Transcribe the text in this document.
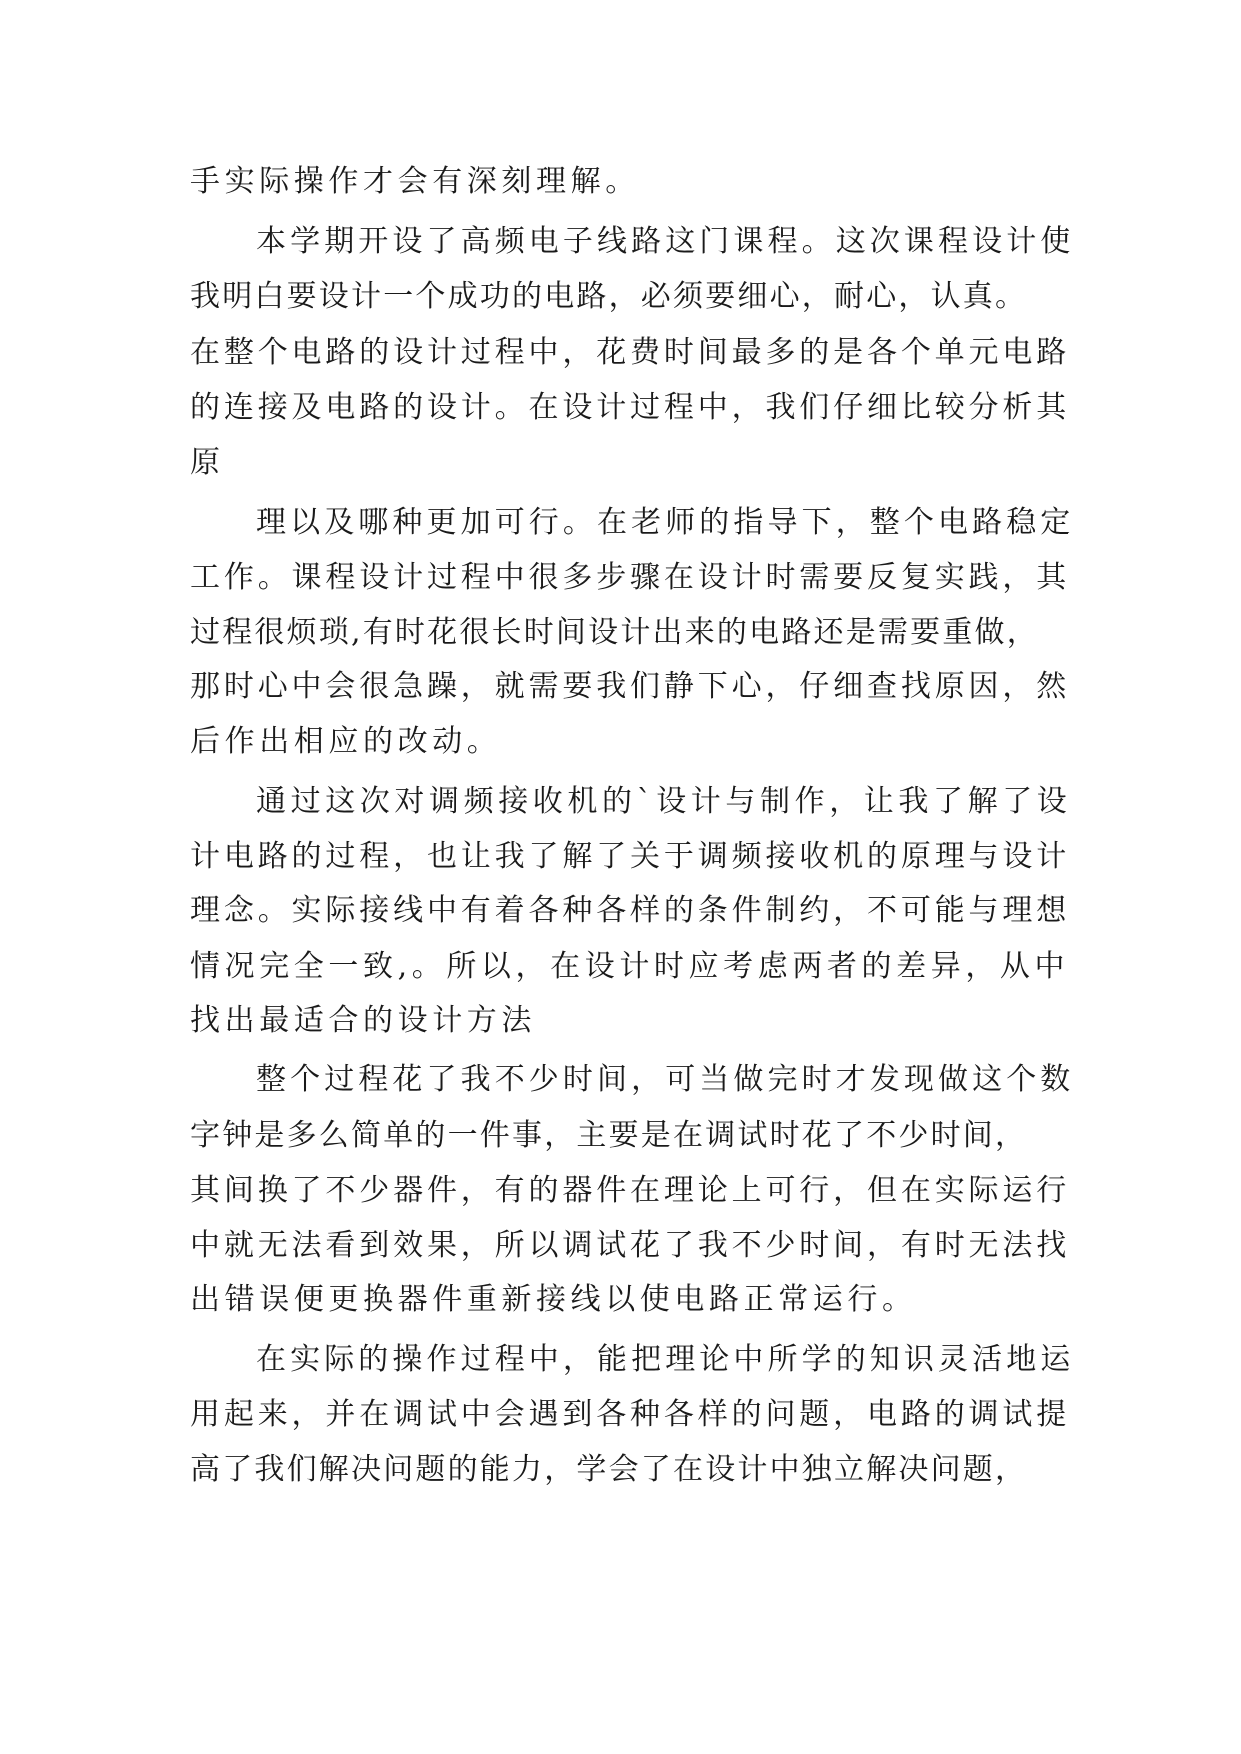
手实际操作才会有深刻理解。
本学期开设了高频电子线路这门课程。这次课程设计使
我明白要设计一个成功的电路，必须要细心，耐心，认真。
在整个电路的设计过程中，花费时间最多的是各个单元电路
的连接及电路的设计。在设计过程中，我们仔细比较分析其
原
理以及哪种更加可行。在老师的指导下，整个电路稳定
工作。课程设计过程中很多步骤在设计时需要反复实践，其
过程很烦琐,有时花很长时间设计出来的电路还是需要重做，
那时心中会很急躁，就需要我们静下心，仔细查找原因，然
后作出相应的改动。
通过这次对调频接收机的`设计与制作，让我了解了设
计电路的过程，也让我了解了关于调频接收机的原理与设计
理念。实际接线中有着各种各样的条件制约，不可能与理想
情况完全一致,。所以，在设计时应考虑两者的差异，从中
找出最适合的设计方法
整个过程花了我不少时间，可当做完时才发现做这个数
字钟是多么简单的一件事，主要是在调试时花了不少时间，
其间换了不少器件，有的器件在理论上可行，但在实际运行
中就无法看到效果，所以调试花了我不少时间，有时无法找
出错误便更换器件重新接线以使电路正常运行。
在实际的操作过程中，能把理论中所学的知识灵活地运
用起来，并在调试中会遇到各种各样的问题，电路的调试提
高了我们解决问题的能力，学会了在设计中独立解决问题，
